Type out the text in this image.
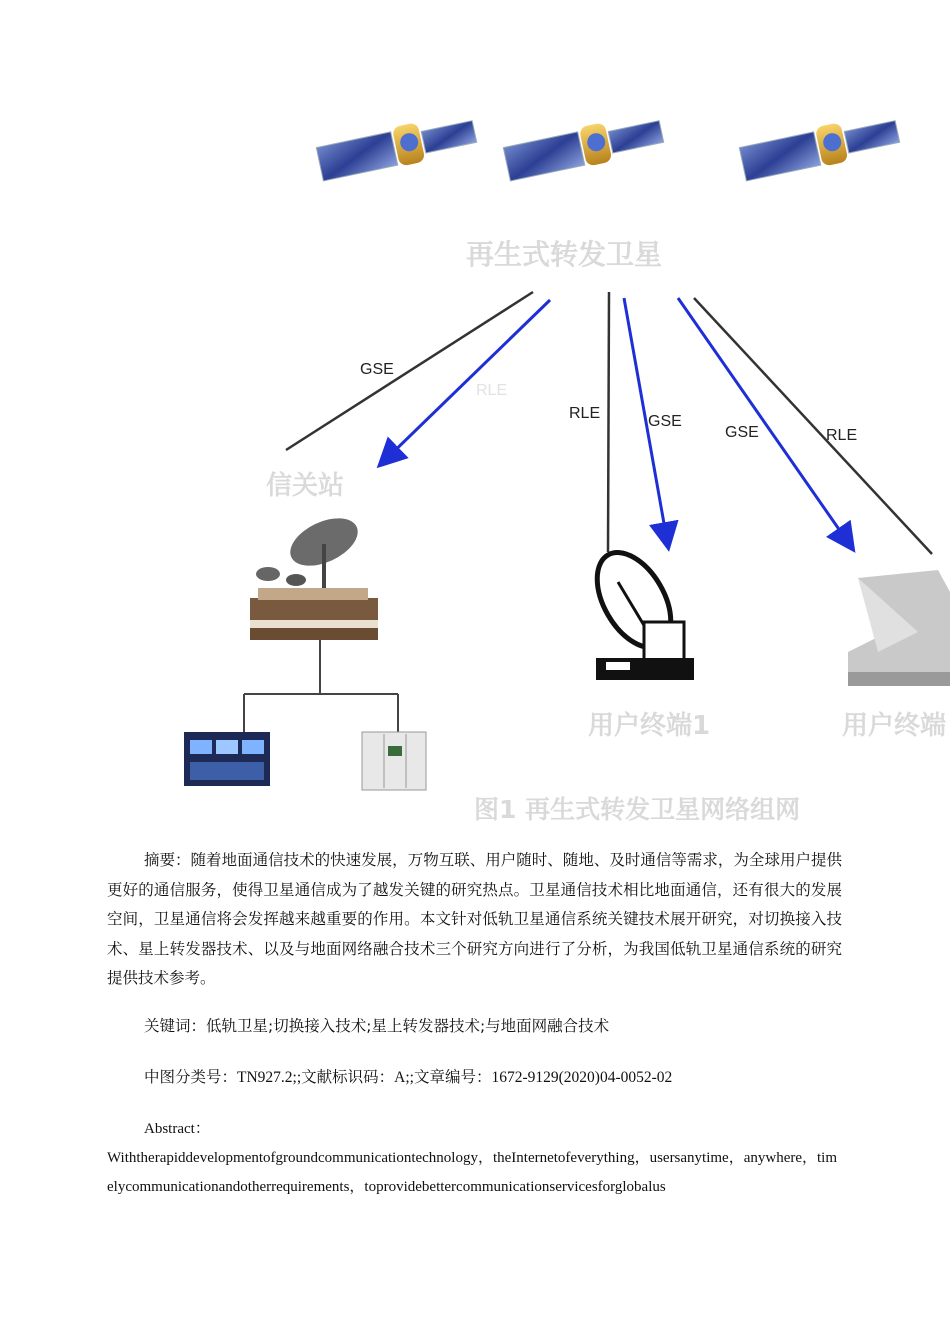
再生式转发卫星
GSE
RLE
RLE	GSE
GSE	RLE
信关站
用户终端1	用户终端
图1 再生式转发卫星网络组网

摘要：随着地面通信技术的快速发展，万物互联、用户随时、随地、及时通信等需求，为全球用户提供更好的通信服务，使得卫星通信成为了越发关键的研究热点。卫星通信技术相比地面通信，还有很大的发展空间，卫星通信将会发挥越来越重要的作用。本文针对低轨卫星通信系统关键技术展开研究，对切换接入技术、星上转发器技术、以及与地面网络融合技术三个研究方向进行了分析，为我国低轨卫星通信系统的研究提供技术参考。

关键词：低轨卫星;切换接入技术;星上转发器技术;与地面网融合技术

中图分类号：TN927.2;;文献标识码：A;;文章编号：1672-9129(2020)04-0052-02

Abstract：

Withtherapiddevelopmentofgroundcommunicationtechnology，theInternetofeverything，usersanytime，anywhere，timelycommunicationandotherrequirements，toprovidebettercommunicationservicesforglobalus
